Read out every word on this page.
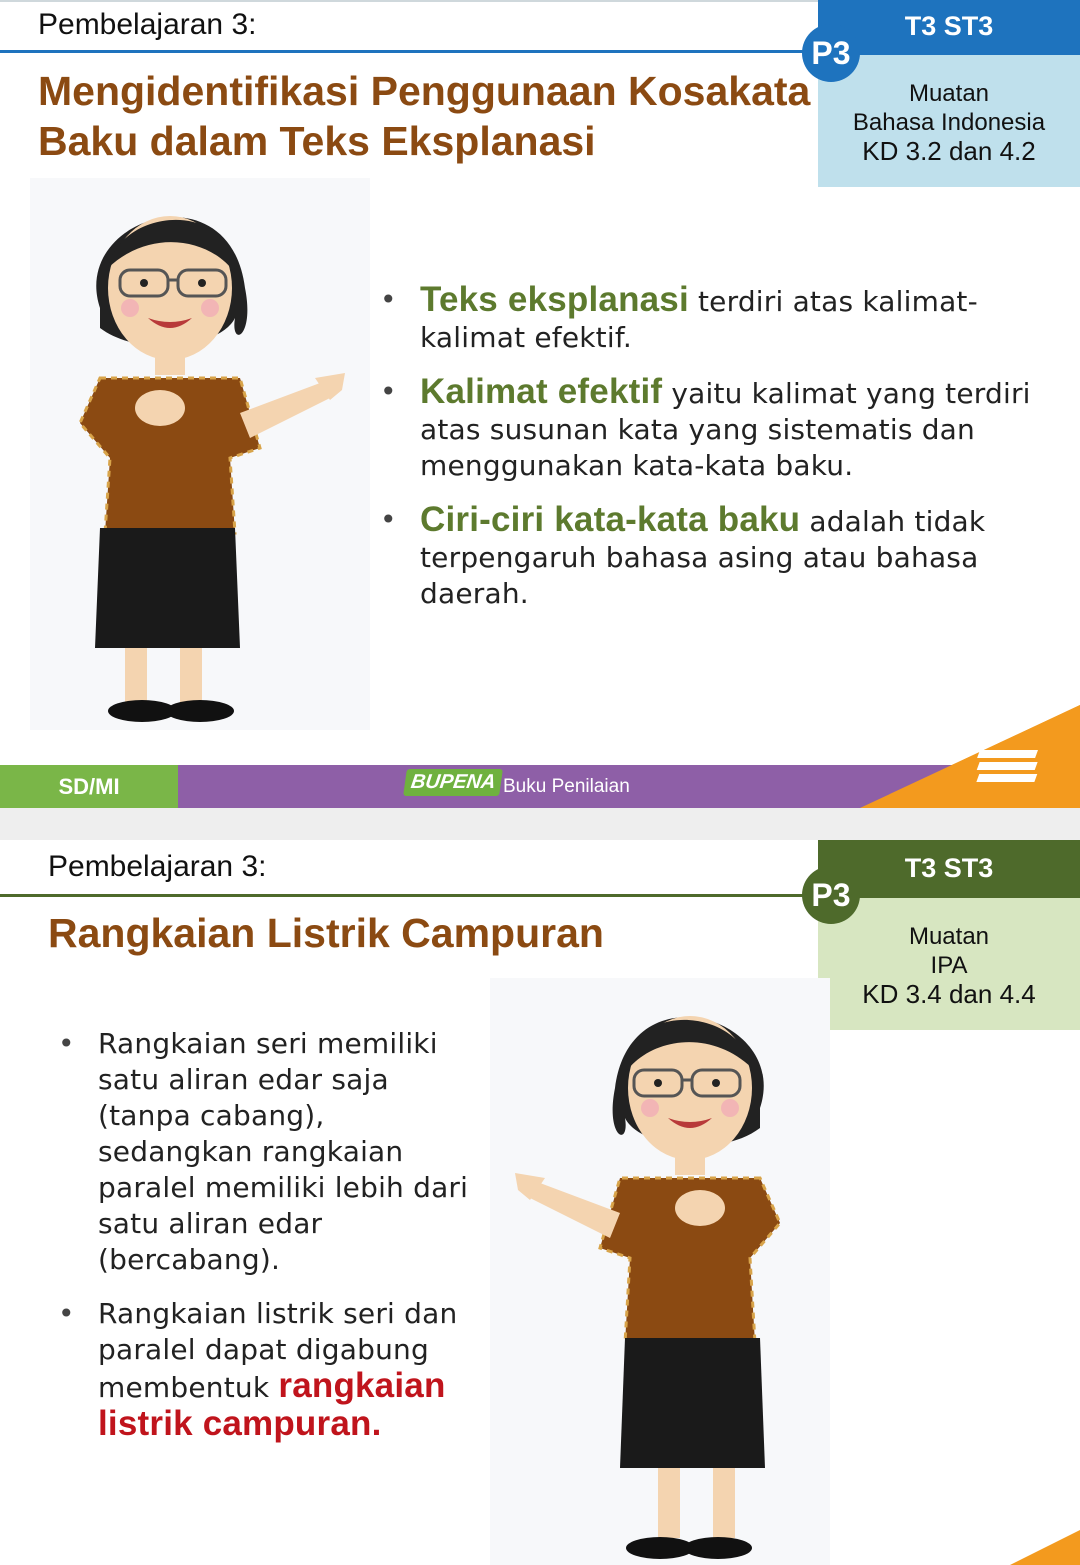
Pembelajaran 3:
Mengidentifikasi Penggunaan Kosakata
Baku dalam Teks Eksplanasi
T3 ST3
Muatan
Bahasa Indonesia
KD 3.2 dan 4.2
P3
• Teks eksplanasi terdiri atas kalimat-
kalimat efektif.
• Kalimat efektif yaitu kalimat yang terdiri
atas susunan kata yang sistematis dan
menggunakan kata-kata baku.
• Ciri-ciri kata-kata baku adalah tidak
terpengaruh bahasa asing atau bahasa
daerah.
SD/MI	BUPENA Buku Penilaian
Pembelajaran 3:
Rangkaian Listrik Campuran
T3 ST3
Muatan
IPA
KD 3.4 dan 4.4
P3
• Rangkaian seri memiliki
satu aliran edar saja
(tanpa cabang),
sedangkan rangkaian
paralel memiliki lebih dari
satu aliran edar
(bercabang).
• Rangkaian listrik seri dan
paralel dapat digabung
membentuk rangkaian
listrik campuran.
